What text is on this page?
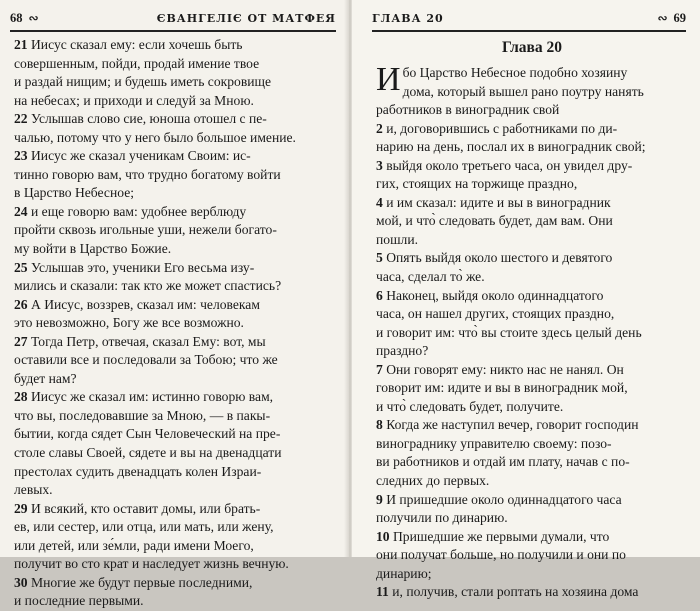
68 ∾	ЄВАНГЕЛІЄ ОТ МАТФЕЯ
21 Иисус сказал ему: если хочешь быть
совершенным, пойди, продай имение твое
и раздай нищим; и будешь иметь сокровище
на небесах; и приходи и следуй за Мною.
22 Услышав слово сие, юноша отошел с пе-
чалью, потому что у него было большое имение.
23 Иисус же сказал ученикам Своим: ис-
тинно говорю вам, что трудно богатому войти
в Царство Небесное;
24 и еще говорю вам: удобнее верблюду
пройти сквозь игольные уши, нежели богато-
му войти в Царство Божие.
25 Услышав это, ученики Его весьма изу-
мились и сказали: так кто же может спастись?
26 А Иисус, воззрев, сказал им: человекам
это невозможно, Богу же все возможно.
27 Тогда Петр, отвечая, сказал Ему: вот, мы
оставили все и последовали за Тобою; что же
будет нам?
28 Иисус же сказал им: истинно говорю вам,
что вы, последовавшие за Мною, — в пакы-
бытии, когда сядет Сын Человеческий на пре-
столе славы Своей, сядете и вы на двенадцати
престолах судить двенадцать колен Израи-
левых.
29 И всякий, кто оставит домы, или брать-
ев, или сестер, или отца, или мать, или жену,
или детей, или зе́мли, ради имени Моего,
получит во сто крат и наследует жизнь вечную.
30 Многие же будут первые последними,
и последние первыми.
ГЛАВА 20	∾ 69
Глава 20
И бо Царство Небесное подобно хозяину
дома, который вышел рано поутру нанять
работников в виноградник свой
2 и, договорившись с работниками по ди-
нарию на день, послал их в виноградник свой;
3 выйдя около третьего часа, он увидел дру-
гих, стоящих на торжище праздно,
4 и им сказал: идите и вы в виноградник
мой, и что̀ следовать будет, дам вам. Они
пошли.
5 Опять выйдя около шестого и девятого
часа, сделал то̀ же.
6 Наконец, выйдя около одиннадцатого
часа, он нашел других, стоящих праздно,
и говорит им: что̀ вы стоите здесь целый день
праздно?
7 Они говорят ему: никто нас не нанял. Он
говорит им: идите и вы в виноградник мой,
и что̀ следовать будет, получите.
8 Когда же наступил вечер, говорит господин
винограднику управителю своему: позо-
ви работников и отдай им плату, начав с по-
следних до первых.
9 И пришедшие около одиннадцатого часа
получили по динарию.
10 Пришедшие же первыми думали, что
они получат больше, но получили и они по
динарию;
11 и, получив, стали роптать на хозяина дома
